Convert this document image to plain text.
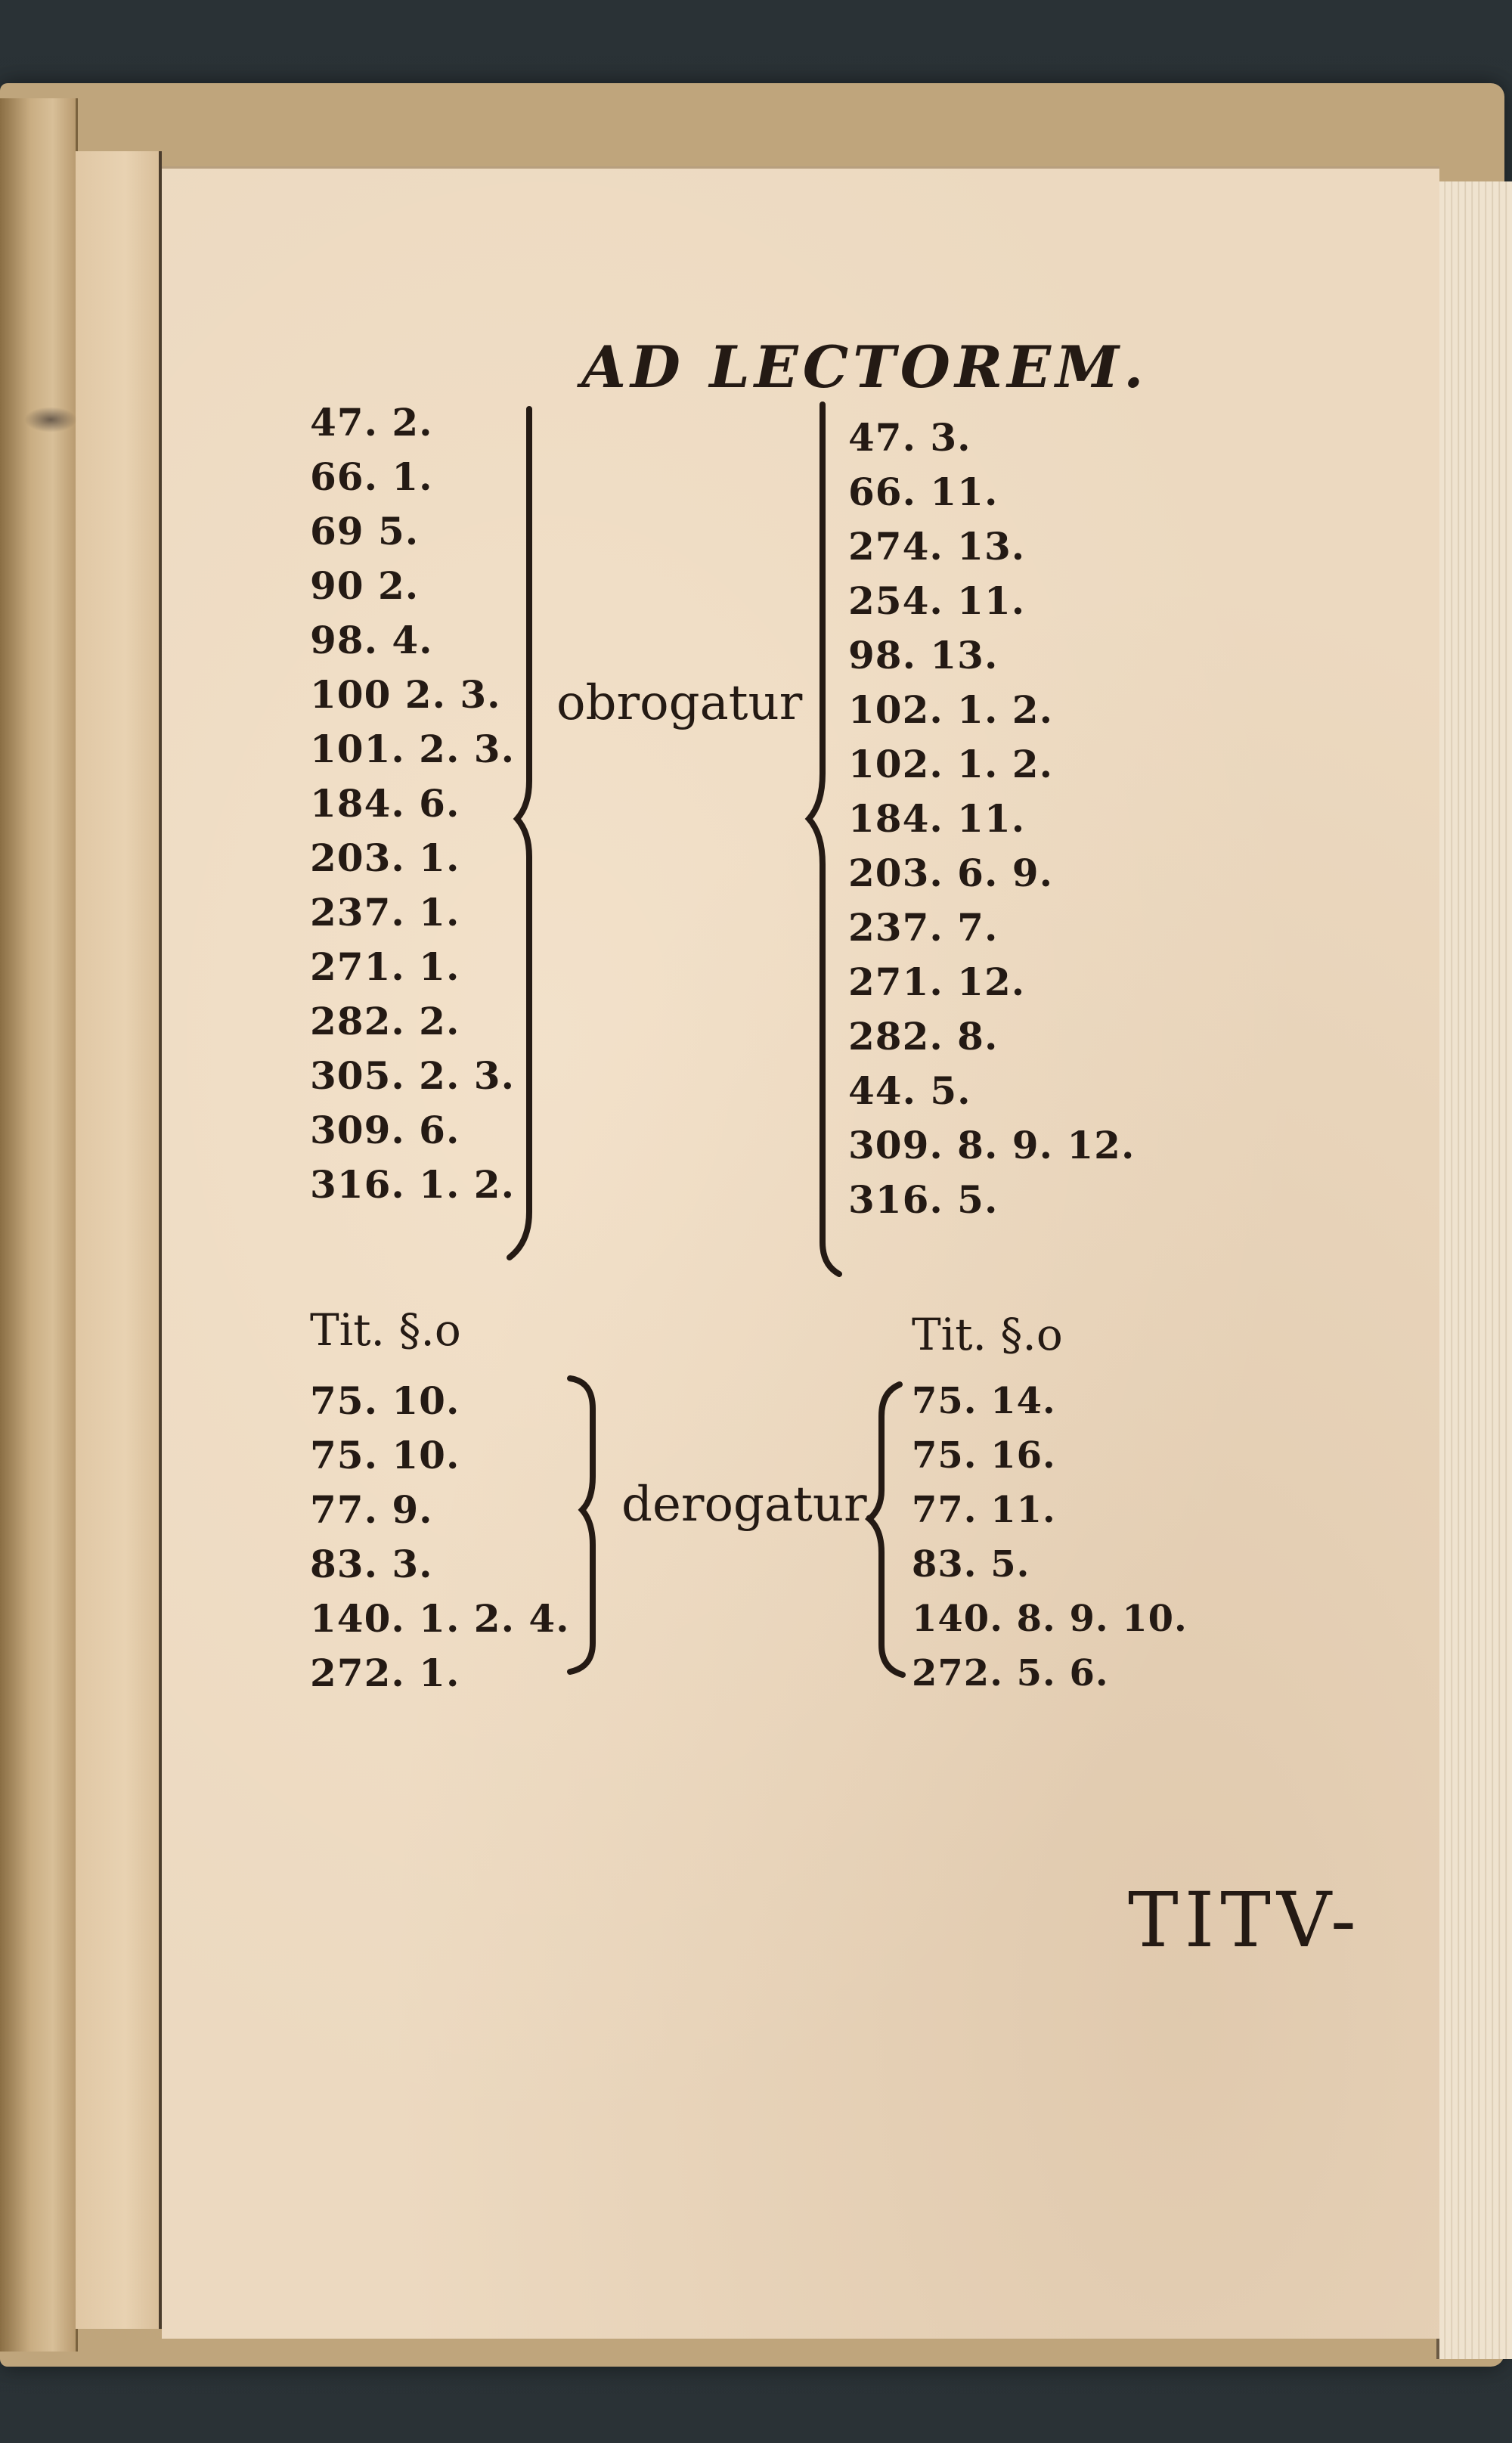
AD LECTOREM.
47. 2.
66. 1.
69 5.
90 2.
98. 4.
100 2. 3.
101. 2. 3.
184. 6.
203. 1.
237. 1.
271. 1.
282. 2.
305. 2. 3.
309. 6.
316. 1. 2.
47. 3.
66. 11.
274. 13.
254. 11.
98. 13.
102. 1. 2.
102. 1. 2.
184. 11.
203. 6. 9.
237. 7.
271. 12.
282. 8.
44. 5.
309. 8. 9. 12.
316. 5.
obrogatur
Tit. §.o	Tit. §.o
75. 10.
75. 10.
77. 9.
83. 3.
140. 1. 2. 4.
272. 1.
75. 14.
75. 16.
77. 11.
83. 5.
140. 8. 9. 10.
272. 5. 6.
derogatur.
TITV-
